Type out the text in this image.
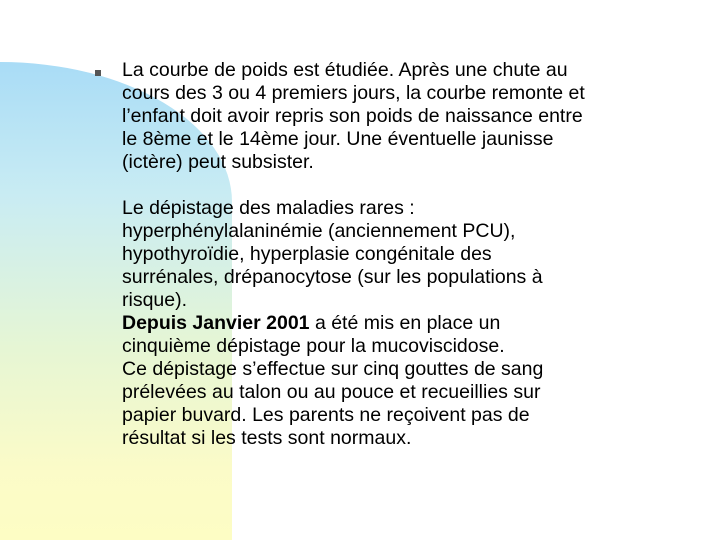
La courbe de poids est étudiée. Après une chute au
cours des 3 ou 4 premiers jours, la courbe remonte et
l’enfant doit avoir repris son poids de naissance entre
le 8ème et le 14ème jour. Une éventuelle jaunisse
(ictère) peut subsister.

Le dépistage des maladies rares :
hyperphénylalaninémie (anciennement PCU),
hypothyroïdie, hyperplasie congénitale des
surrénales, drépanocytose (sur les populations à
risque).
Depuis Janvier 2001 a été mis en place un
cinquième dépistage pour la mucoviscidose.
Ce dépistage s’effectue sur cinq gouttes de sang
prélevées au talon ou au pouce et recueillies sur
papier buvard. Les parents ne reçoivent pas de
résultat si les tests sont normaux.
